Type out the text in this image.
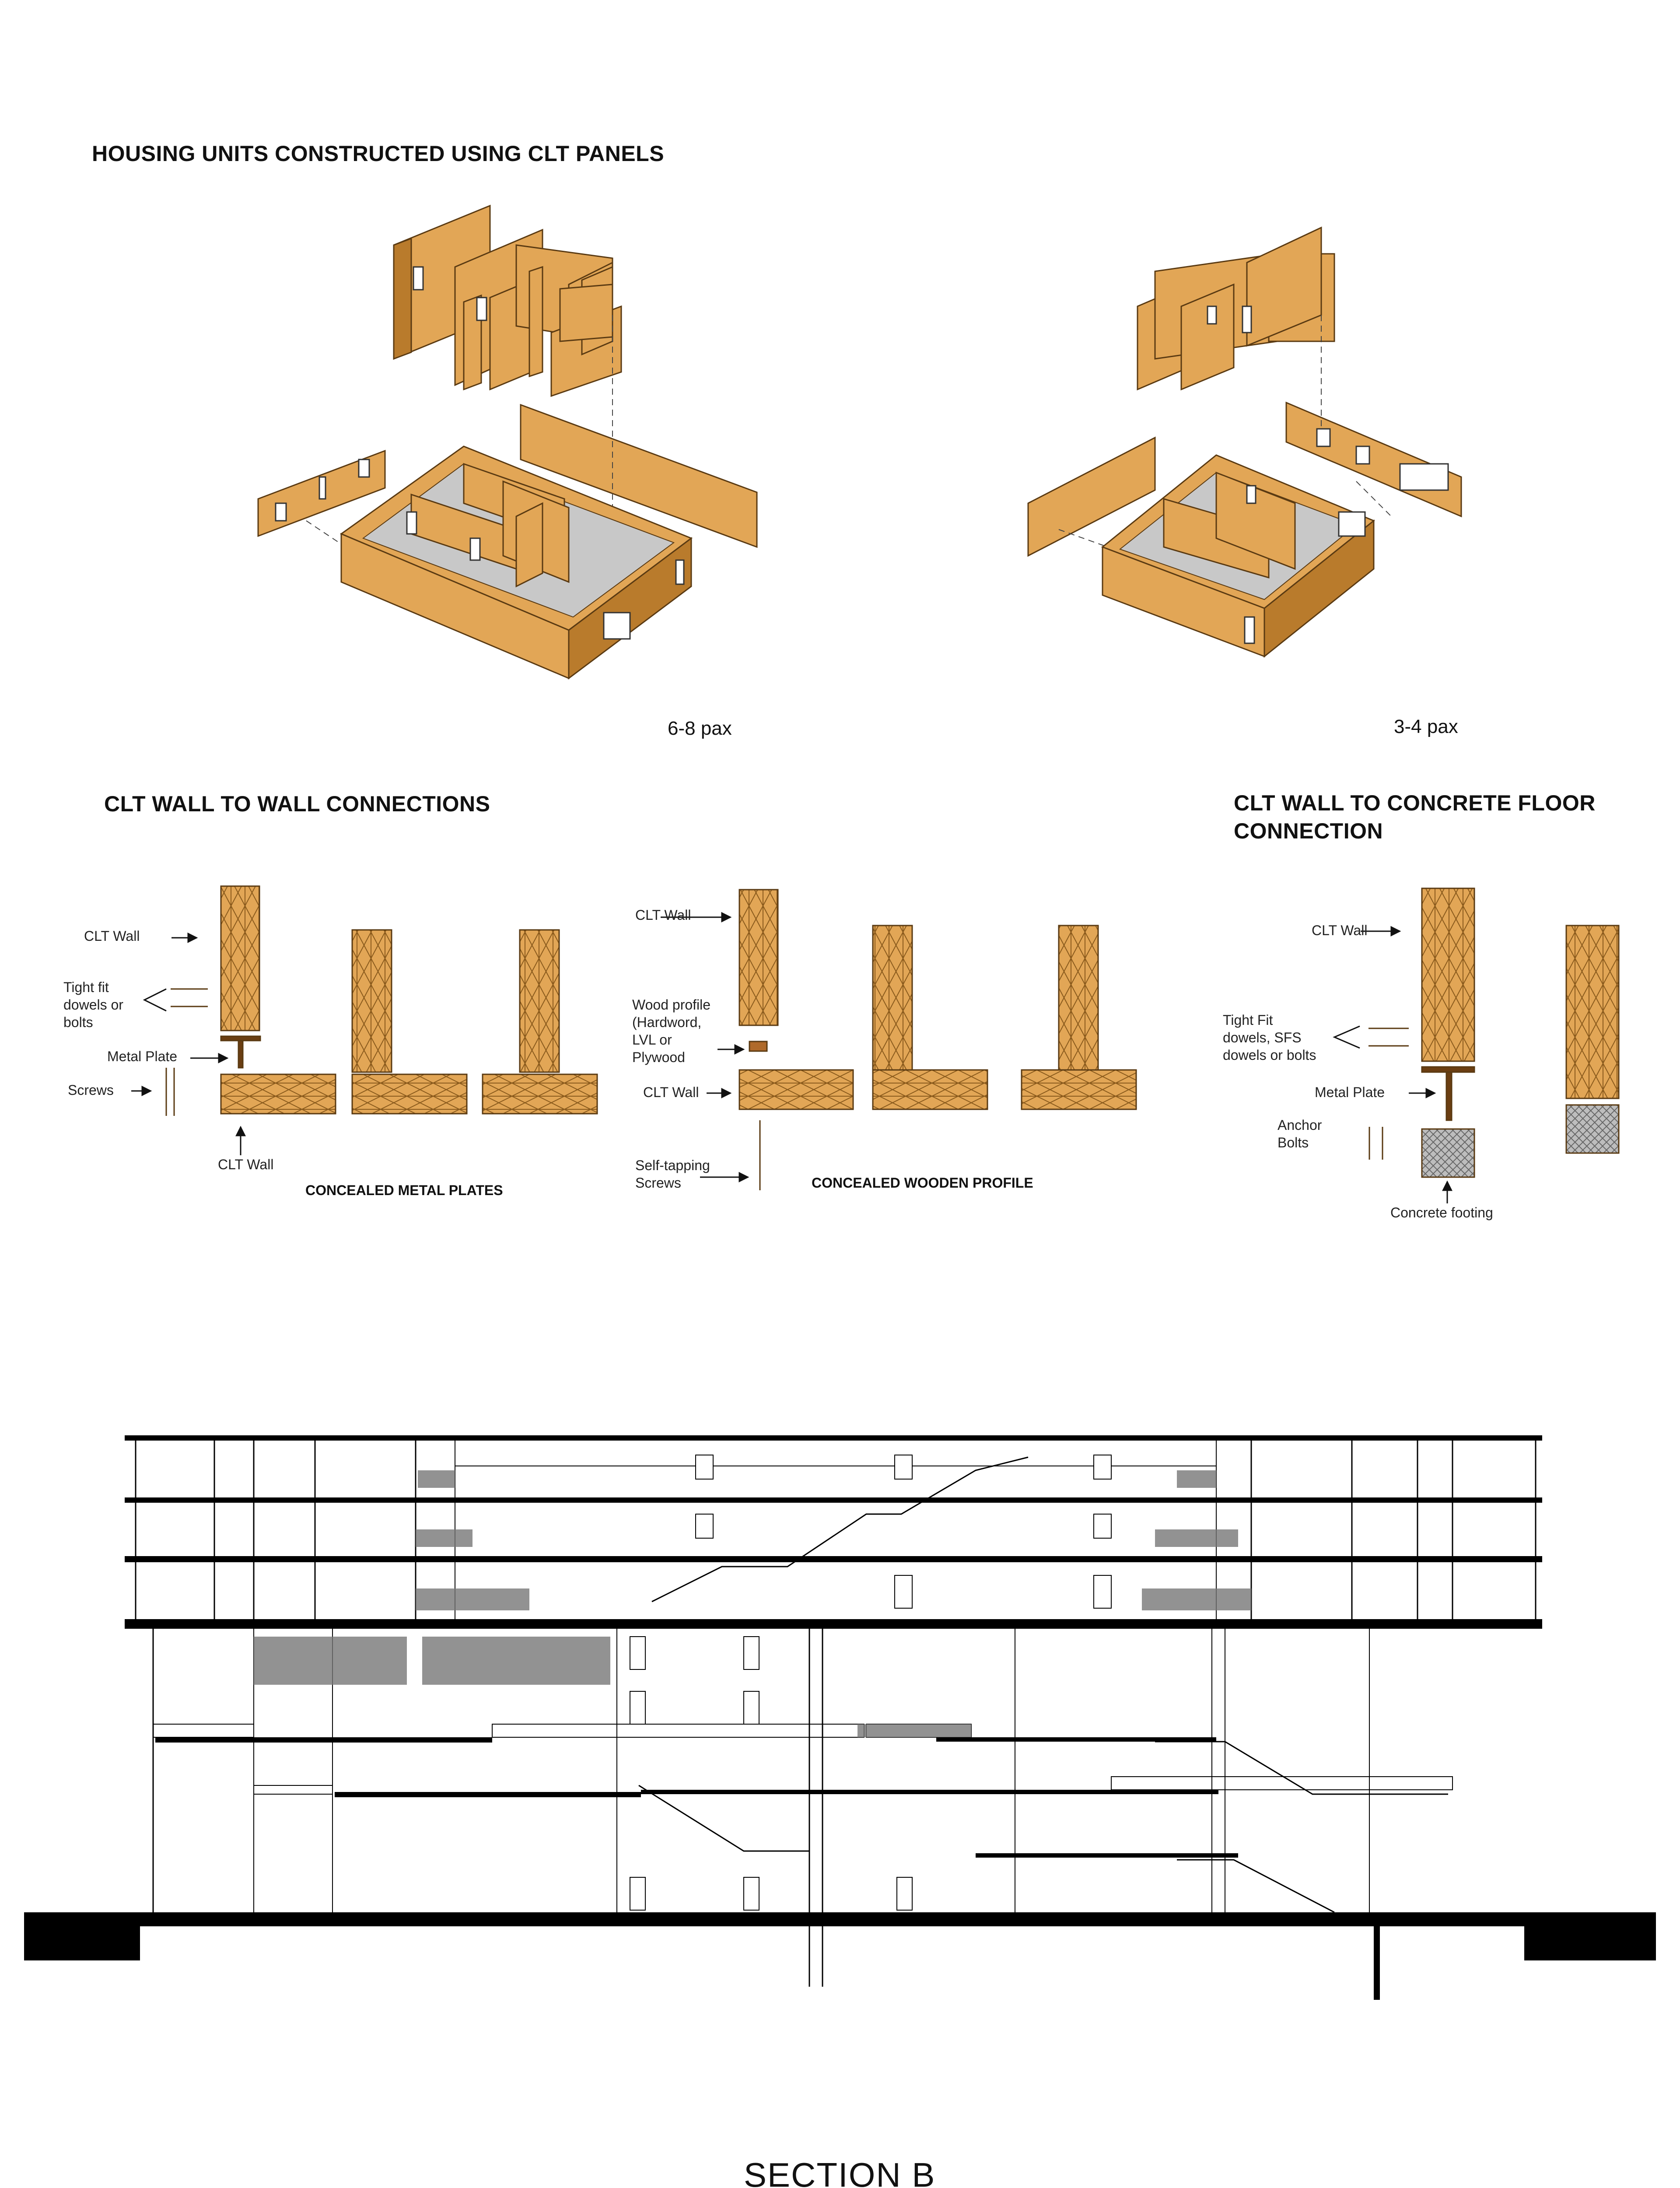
HOUSING UNITS CONSTRUCTED USING CLT PANELS
CLT WALL TO WALL CONNECTIONS	CLT WALL TO CONCRETE FLOOR
CONNECTION
6-8 pax	3-4 pax
CLT Wall
Tight fit
dowels or
bolts
Metal Plate
Screws
CLT Wall
CONCEALED METAL PLATES
CLT Wall
Wood profile
(Hardword,
LVL or
Plywood
CLT Wall
Self-tapping
Screws	CONCEALED WOODEN PROFILE
CLT Wall
Tight Fit
dowels, SFS
dowels or bolts
Metal Plate
Anchor
Bolts
Concrete footing
SECTION B
